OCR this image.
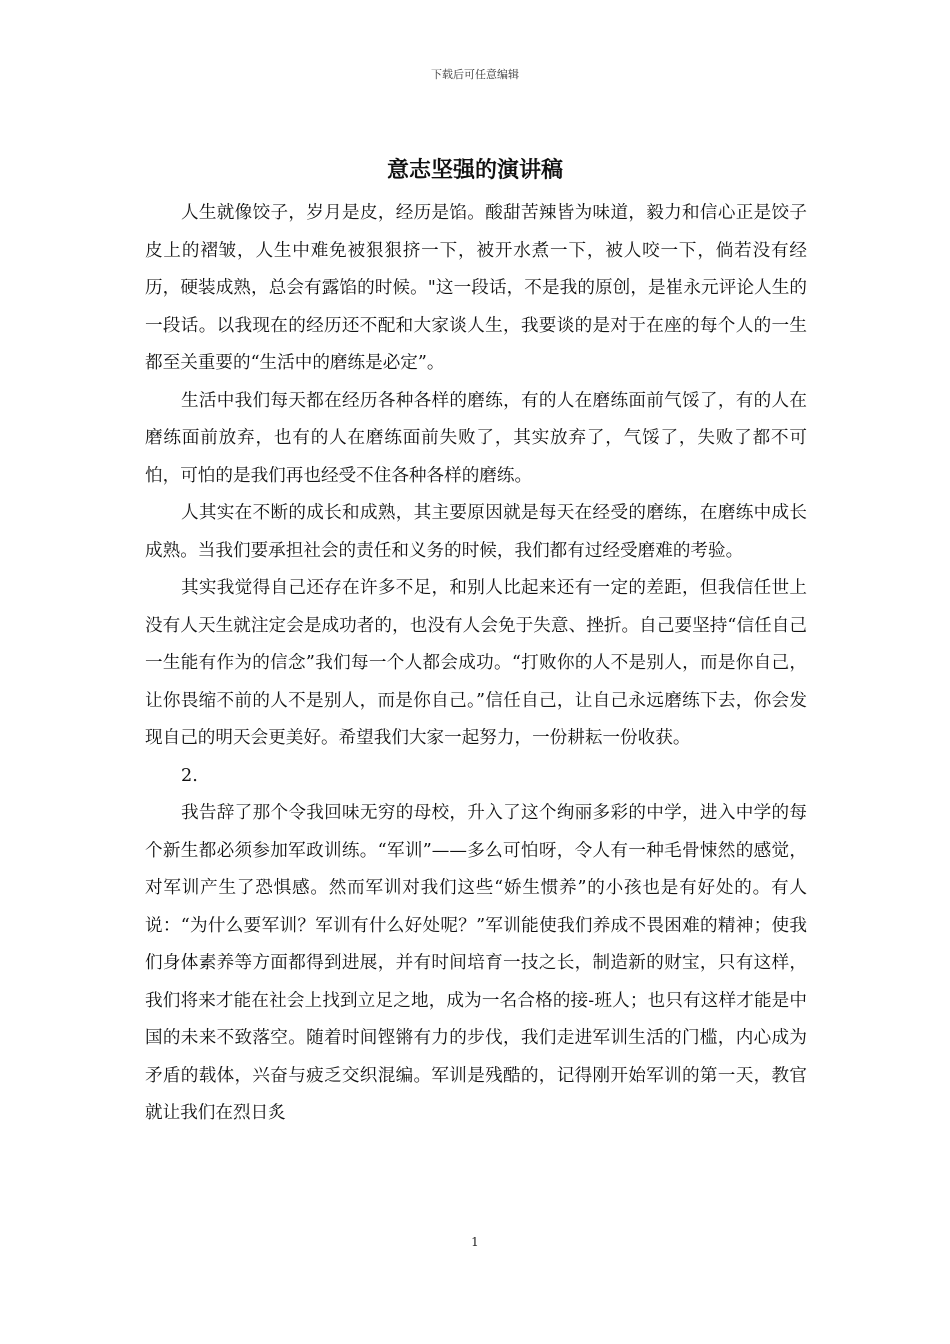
下载后可任意编辑
意志坚强的演讲稿

人生就像饺子，岁月是皮，经历是馅。酸甜苦辣皆为味道，毅力和信心正是饺子皮上的褶皱，人生中难免被狠狠挤一下，被开水煮一下，被人咬一下，倘若没有经历，硬装成熟，总会有露馅的时候。"这一段话，不是我的原创，是崔永元评论人生的一段话。以我现在的经历还不配和大家谈人生，我要谈的是对于在座的每个人的一生都至关重要的“生活中的磨练是必定”。

生活中我们每天都在经历各种各样的磨练，有的人在磨练面前气馁了，有的人在磨练面前放弃，也有的人在磨练面前失败了，其实放弃了，气馁了，失败了都不可怕，可怕的是我们再也经受不住各种各样的磨练。

人其实在不断的成长和成熟，其主要原因就是每天在经受的磨练，在磨练中成长成熟。当我们要承担社会的责任和义务的时候，我们都有过经受磨难的考验。

其实我觉得自己还存在许多不足，和别人比起来还有一定的差距，但我信任世上没有人天生就注定会是成功者的，也没有人会免于失意、挫折。自己要坚持“信任自己一生能有作为的信念”我们每一个人都会成功。“打败你的人不是别人，而是你自己，让你畏缩不前的人不是别人，而是你自己。”信任自己，让自己永远磨练下去，你会发现自己的明天会更美好。希望我们大家一起努力，一份耕耘一份收获。

2.

我告辞了那个令我回味无穷的母校，升入了这个绚丽多彩的中学，进入中学的每个新生都必须参加军政训练。“军训”——多么可怕呀，令人有一种毛骨悚然的感觉，对军训产生了恐惧感。然而军训对我们这些“娇生惯养”的小孩也是有好处的。有人说：“为什么要军训？军训有什么好处呢？”军训能使我们养成不畏困难的精神；使我们身体素养等方面都得到进展，并有时间培育一技之长，制造新的财宝，只有这样，我们将来才能在社会上找到立足之地，成为一名合格的接-班人；也只有这样才能是中国的未来不致落空。随着时间铿锵有力的步伐，我们走进军训生活的门槛，内心成为矛盾的载体，兴奋与疲乏交织混编。军训是残酷的，记得刚开始军训的第一天，教官就让我们在烈日炙

1
